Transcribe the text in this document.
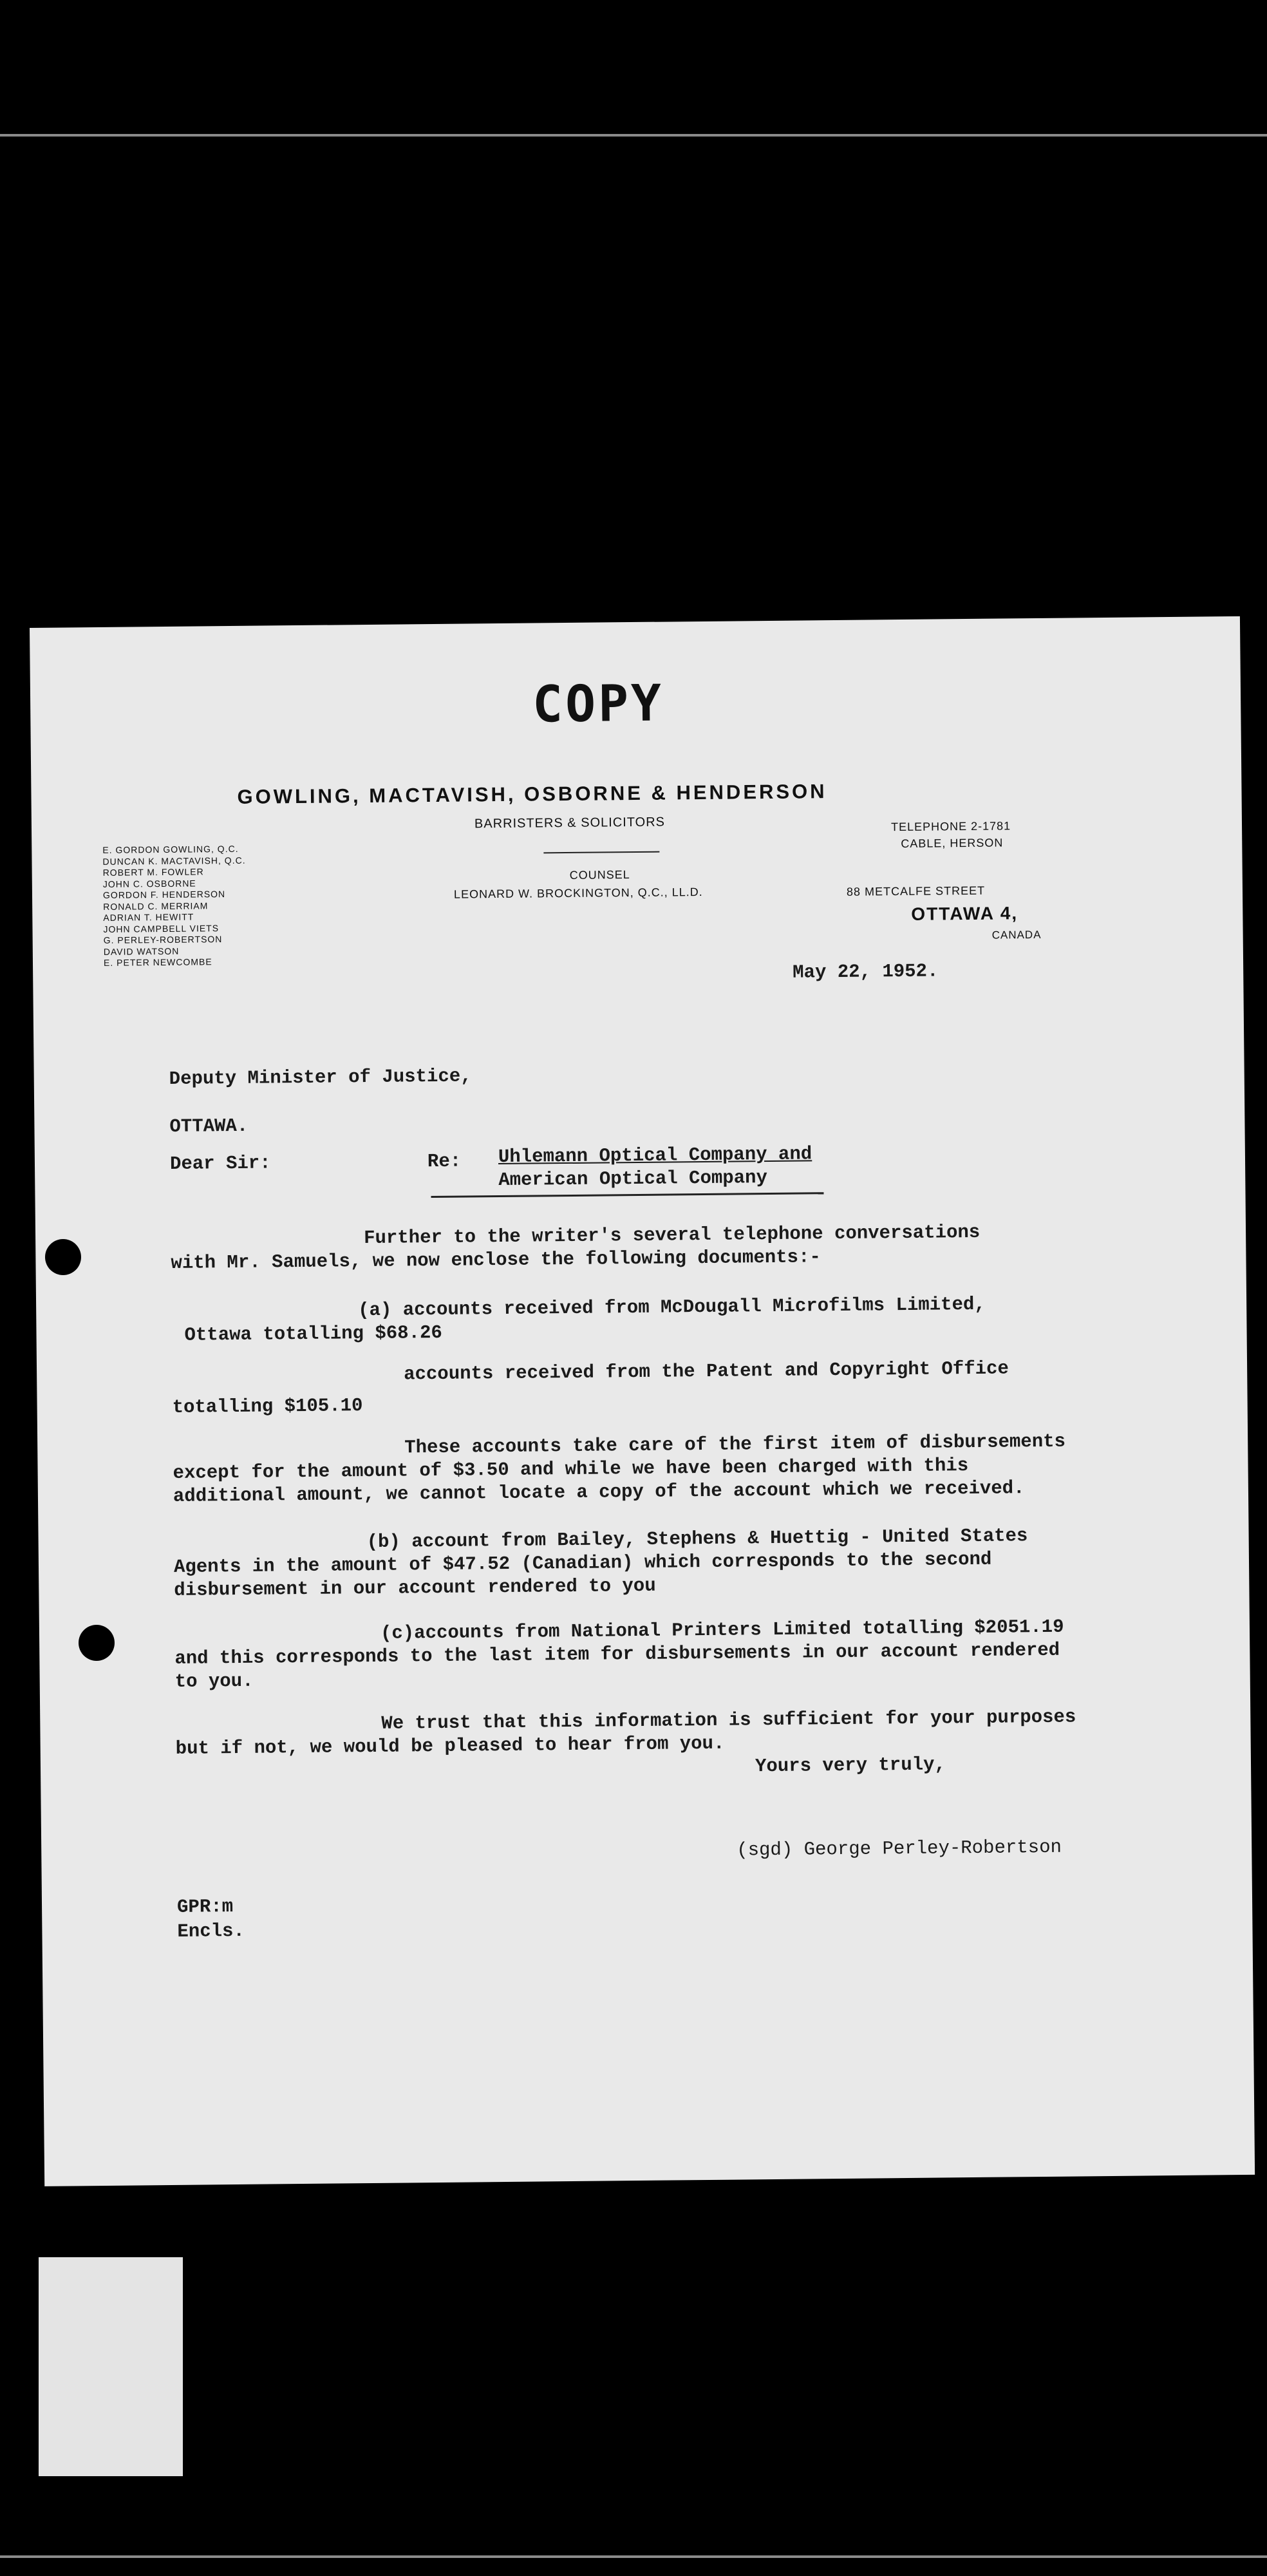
COPY
GOWLING, MACTAVISH, OSBORNE & HENDERSON
BARRISTERS & SOLICITORS
E. GORDON GOWLING, Q.C.
DUNCAN K. MACTAVISH, Q.C.
ROBERT M. FOWLER
JOHN C. OSBORNE
GORDON F. HENDERSON
RONALD C. MERRIAM
ADRIAN T. HEWITT
JOHN CAMPBELL VIETS
G. PERLEY-ROBERTSON
DAVID WATSON
E. PETER NEWCOMBE
COUNSEL
LEONARD W. BROCKINGTON, Q.C., LL.D.
TELEPHONE 2-1781
CABLE, HERSON
88 METCALFE STREET
OTTAWA 4,
CANADA
May 22, 1952.
Deputy Minister of Justice,
OTTAWA.
Dear Sir:	Re: Uhlemann Optical Company and
American Optical Company
Further to the writer's several telephone conversations
with Mr. Samuels, we now enclose the following documents:-
(a) accounts received from McDougall Microfilms Limited,
Ottawa totalling $68.26
accounts received from the Patent and Copyright Office
totalling $105.10
These accounts take care of the first item of disbursements
except for the amount of $3.50 and while we have been charged with this
additional amount, we cannot locate a copy of the account which we received.
(b) account from Bailey, Stephens & Huettig - United States
Agents in the amount of $47.52 (Canadian) which corresponds to the second
disbursement in our account rendered to you
(c)accounts from National Printers Limited totalling $2051.19
and this corresponds to the last item for disbursements in our account rendered
to you.
We trust that this information is sufficient for your purposes
but if not, we would be pleased to hear from you.
Yours very truly,
(sgd) George Perley-Robertson
GPR:m
Encls.
